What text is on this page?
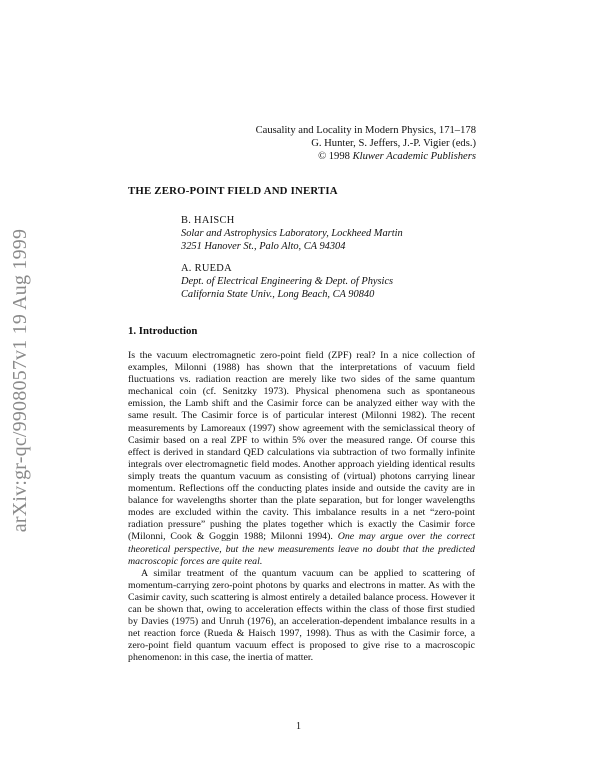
arXiv:gr-qc/9908057v1 19 Aug 1999
Causality and Locality in Modern Physics, 171–178
G. Hunter, S. Jeffers, J.-P. Vigier (eds.)
© 1998 Kluwer Academic Publishers
THE ZERO-POINT FIELD AND INERTIA
B. HAISCH
Solar and Astrophysics Laboratory, Lockheed Martin
3251 Hanover St., Palo Alto, CA 94304
A. RUEDA
Dept. of Electrical Engineering & Dept. of Physics
California State Univ., Long Beach, CA 90840
1. Introduction

Is the vacuum electromagnetic zero-point field (ZPF) real? In a nice collection of examples, Milonni (1988) has shown that the interpretations of vacuum field fluctuations vs. radiation reaction are merely like two sides of the same quantum mechanical coin (cf. Senitzky 1973). Physical phenomena such as spontaneous emission, the Lamb shift and the Casimir force can be analyzed either way with the same result. The Casimir force is of particular interest (Milonni 1982). The recent measurements by Lamoreaux (1997) show agreement with the semiclassical theory of Casimir based on a real ZPF to within 5% over the measured range. Of course this effect is derived in standard QED calculations via subtraction of two formally infinite integrals over electromagnetic field modes. Another approach yielding identical results simply treats the quantum vacuum as consisting of (virtual) photons carrying linear momentum. Reflections off the conducting plates inside and outside the cavity are in balance for wavelengths shorter than the plate separation, but for longer wavelengths modes are excluded within the cavity. This imbalance results in a net “zero-point radiation pressure” pushing the plates together which is exactly the Casimir force (Milonni, Cook & Goggin 1988; Milonni 1994). One may argue over the correct theoretical perspective, but the new measurements leave no doubt that the predicted macroscopic forces are quite real.

A similar treatment of the quantum vacuum can be applied to scattering of momentum-carrying zero-point photons by quarks and electrons in matter. As with the Casimir cavity, such scattering is almost entirely a detailed balance process. However it can be shown that, owing to acceleration effects within the class of those first studied by Davies (1975) and Unruh (1976), an acceleration-dependent imbalance results in a net reaction force (Rueda & Haisch 1997, 1998). Thus as with the Casimir force, a zero-point field quantum vacuum effect is proposed to give rise to a macroscopic phenomenon: in this case, the inertia of matter.

1
